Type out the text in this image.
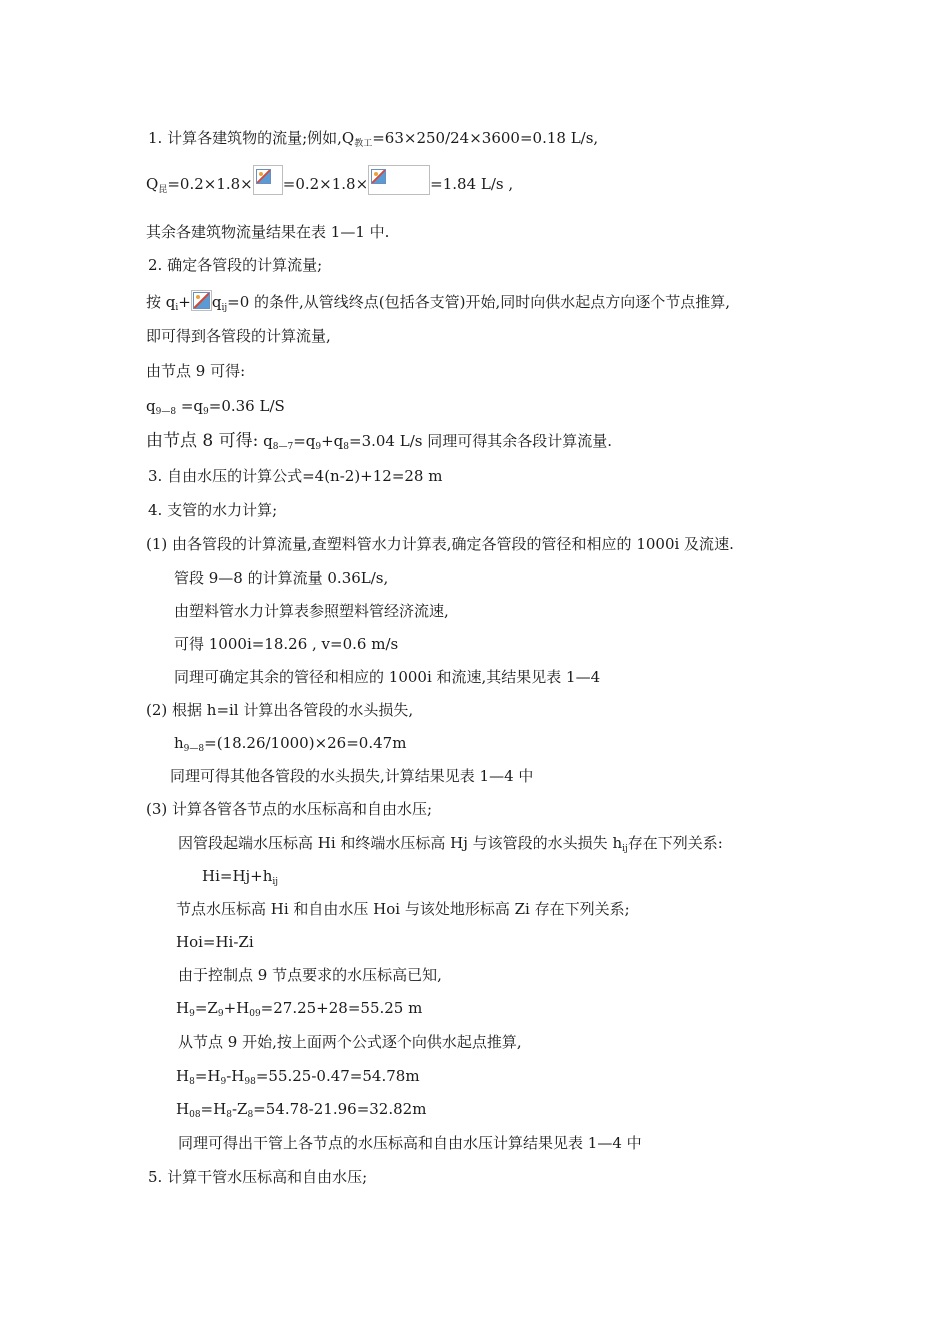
1. 计算各建筑物的流量;例如$,Q_{教工}=63\times 250/24\times 3600=0.18$ L/s,
$Q_昆=0.2\times 1.8\times =0.2\times 1.8\times$	=1.84 L/s ,
其余各建筑物流量结果在表 1—1 中.
2. 确定各管段的计算流量;
按 $q_i+ q_{ij}=0$ 的条件,从管线终点(包括各支管)开始,同时向供水起点方向逐个节点推算,
即可得到各管段的计算流量,
由节点 9 可得:
$q_{9—8} =q_9=0.36$ L/S
由节点 8 可得: $q_{8—7}=q_9+q_8=3.04$ L/s 同理可得其余各段计算流量.
3. 自由水压的计算公式=4(n-2)+12=28 m
4. 支管的水力计算;
(1) 由各管段的计算流量,查塑料管水力计算表,确定各管段的管径和相应的 1000i 及流速.
管段 9—8 的计算流量 0.36L/s,
由塑料管水力计算表参照塑料管经济流速,
可得 1000i=18.26 , v=0.6 m/s
同理可确定其余的管径和相应的 1000i 和流速,其结果见表 1—4
(2) 根据 h=il 计算出各管段的水头损失,
$h_{9—8}=(18.26/1000)\times 26=0.47m$
同理可得其他各管段的水头损失,计算结果见表 1—4 中
(3) 计算各管各节点的水压标高和自由水压;
因管段起端水压标高 Hi 和终端水压标高 Hj 与该管段的水头损失 $h_{ij}$存在下列关系:
$Hi=Hj+h_{ij}$
节点水压标高 Hi 和自由水压 Hoi 与该处地形标高 Zi 存在下列关系;
Hoi=Hi-Zi
由于控制点 9 节点要求的水压标高已知,
$H_9=Z_9+H_{09}=27.25+28=55.25$ m
从节点 9 开始,按上面两个公式逐个向供水起点推算,
$H_8=H_9-H_{98}=55.25-0.47=54.78m$
$H_{08}=H_8-Z_8=54.78-21.96=32.82m$
同理可得出干管上各节点的水压标高和自由水压计算结果见表 1—4 中
5. 计算干管水压标高和自由水压;
